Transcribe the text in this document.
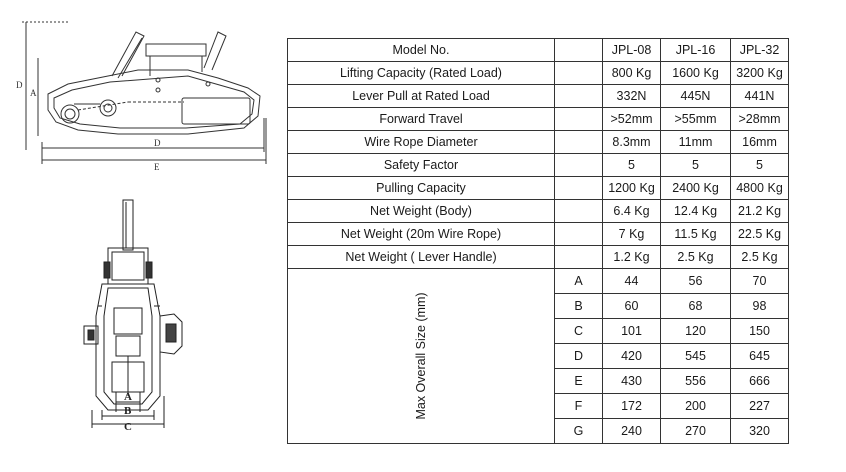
D
A
D
E
A
B
C
Model No.		JPL-08	JPL-16	JPL-32
Lifting Capacity (Rated Load)		800 Kg	1600 Kg	3200 Kg
Lever Pull at Rated Load		332N	445N	441N
Forward Travel		>52mm	>55mm	>28mm
Wire Rope Diameter		8.3mm	11mm	16mm
Safety Factor		5	5	5
Pulling Capacity		1200 Kg	2400 Kg	4800 Kg
Net Weight (Body)		6.4 Kg	12.4 Kg	21.2 Kg
Net Weight (20m Wire Rope)		7 Kg	11.5 Kg	22.5 Kg
Net Weight ( Lever Handle)		1.2 Kg	2.5 Kg	2.5 Kg

Max Overall Size (mm)	A	44	56	70
	B	60	68	98
	C	101	120	150
	D	420	545	645
	E	430	556	666
	F	172	200	227
	G	240	270	320
